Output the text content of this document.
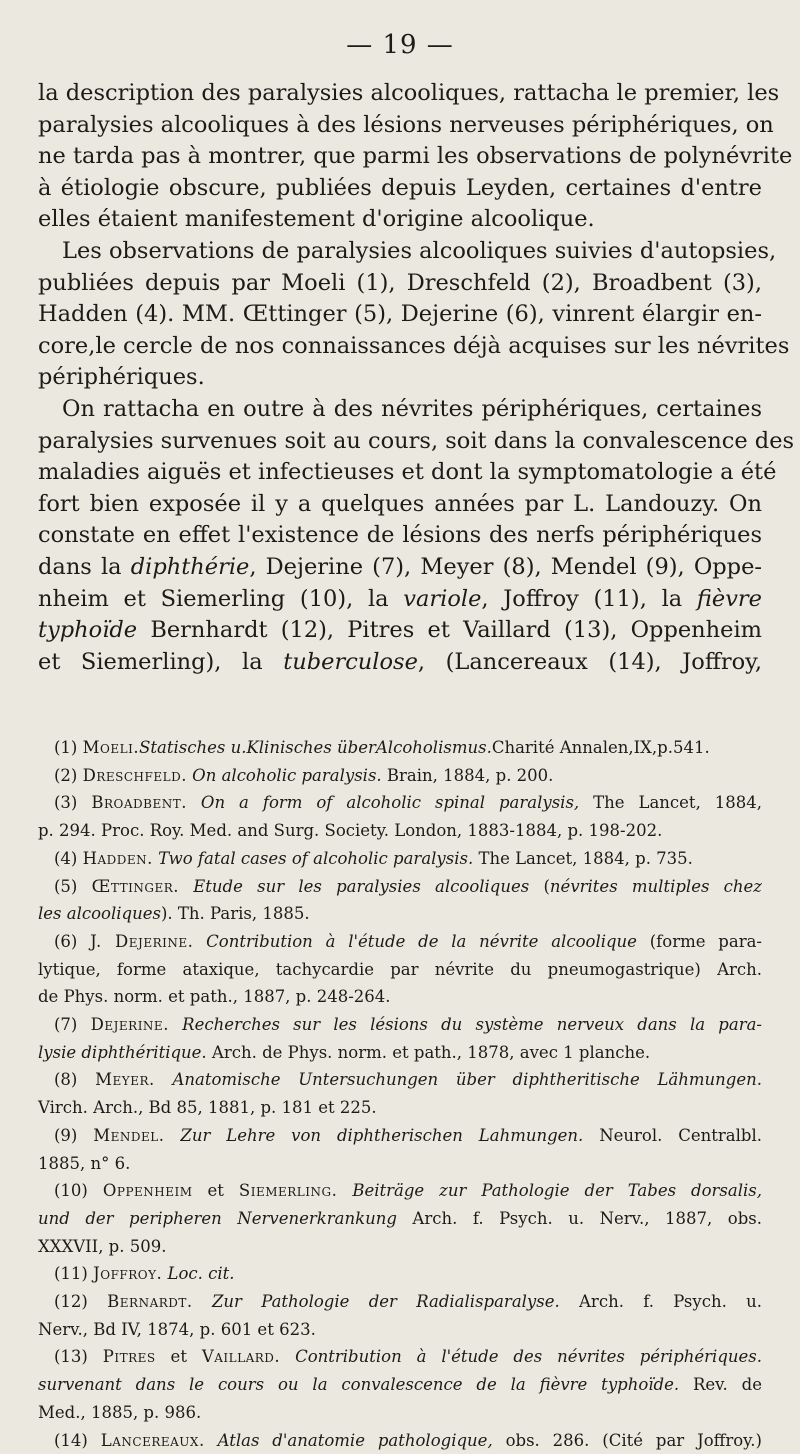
— 19 —
la description des paralysies alcooliques, rattacha le premier, les
paralysies alcooliques à des lésions nerveuses périphériques, on
ne tarda pas à montrer, que parmi les observations de polynévrite
à étiologie obscure, publiées depuis Leyden, certaines d'entre
elles étaient manifestement d'origine alcoolique.
Les observations de paralysies alcooliques suivies d'autopsies,
publiées depuis par Moeli (1), Dreschfeld (2), Broadbent (3),
Hadden (4). MM. Œttinger (5), Dejerine (6), vinrent élargir en-
core,le cercle de nos connaissances déjà acquises sur les névrites
périphériques.
On rattacha en outre à des névrites périphériques, certaines
paralysies survenues soit au cours, soit dans la convalescence des
maladies aiguës et infectieuses et dont la symptomatologie a été
fort bien exposée il y a quelques années par L. Landouzy. On
constate en effet l'existence de lésions des nerfs périphériques
dans la diphthérie, Dejerine (7), Meyer (8), Mendel (9), Oppe-
nheim et Siemerling (10), la variole, Joffroy (11), la fièvre
typhoïde Bernhardt (12), Pitres et Vaillard (13), Oppenheim
et Siemerling), la tuberculose, (Lancereaux (14), Joffroy,
(1) Moeli.Statisches u.Klinisches überAlcoholismus.Charité Annalen,IX,p.541.
(2) Dreschfeld. On alcoholic paralysis. Brain, 1884, p. 200.
(3) Broadbent. On a form of alcoholic spinal paralysis, The Lancet, 1884,
p. 294. Proc. Roy. Med. and Surg. Society. London, 1883-1884, p. 198-202.
(4) Hadden. Two fatal cases of alcoholic paralysis. The Lancet, 1884, p. 735.
(5) Œttinger. Etude sur les paralysies alcooliques (névrites multiples chez
les alcooliques). Th. Paris, 1885.
(6) J. Dejerine. Contribution à l'étude de la névrite alcoolique (forme para-
lytique, forme ataxique, tachycardie par névrite du pneumogastrique) Arch.
de Phys. norm. et path., 1887, p. 248-264.
(7) Dejerine. Recherches sur les lésions du système nerveux dans la para-
lysie diphthéritique. Arch. de Phys. norm. et path., 1878, avec 1 planche.
(8) Meyer. Anatomische Untersuchungen über diphtheritische Lähmungen.
Virch. Arch., Bd 85, 1881, p. 181 et 225.
(9) Mendel. Zur Lehre von diphtherischen Lahmungen. Neurol. Centralbl.
1885, n° 6.
(10) Oppenheim et Siemerling. Beiträge zur Pathologie der Tabes dorsalis,
und der peripheren Nervenerkrankung Arch. f. Psych. u. Nerv., 1887, obs.
XXXVII, p. 509.
(11) Joffroy. Loc. cit.
(12) Bernardt. Zur Pathologie der Radialisparalyse. Arch. f. Psych. u.
Nerv., Bd IV, 1874, p. 601 et 623.
(13) Pitres et Vaillard. Contribution à l'étude des névrites périphériques.
survenant dans le cours ou la convalescence de la fièvre typhoïde. Rev. de
Med., 1885, p. 986.
(14) Lancereaux. Atlas d'anatomie pathologique, obs. 286. (Cité par Joffroy.)
